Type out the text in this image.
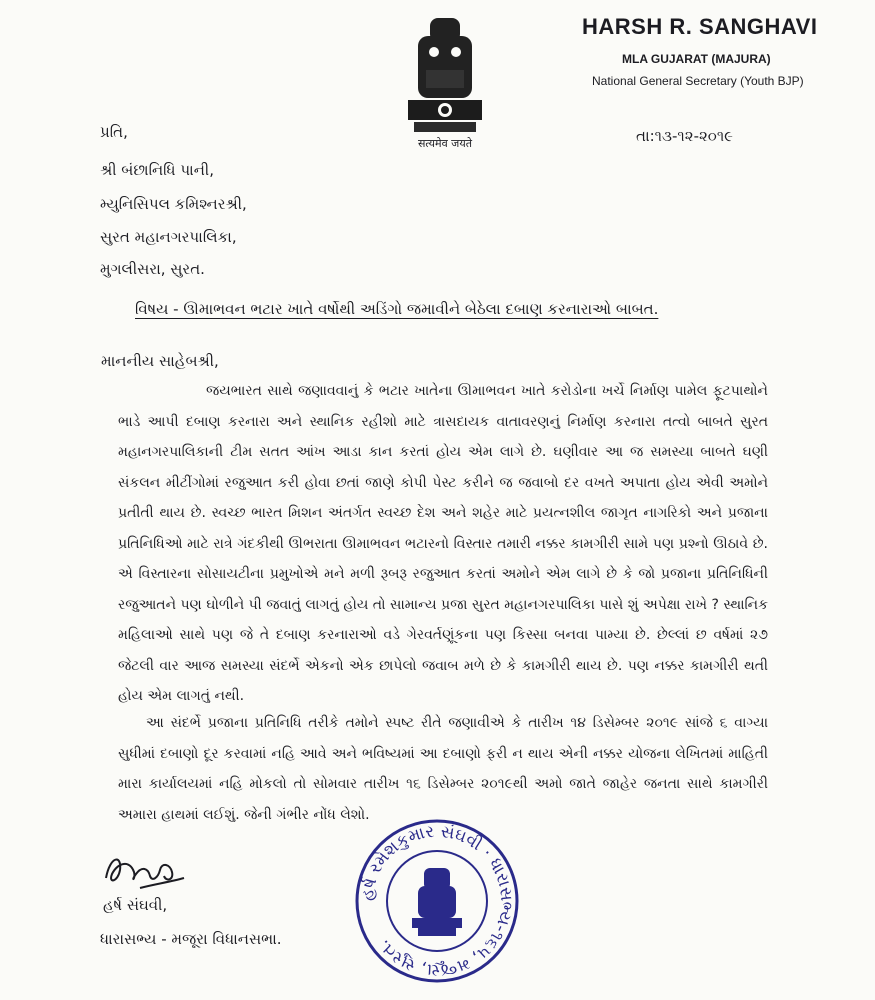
सत्यमेव जयते
HARSH R. SANGHAVI
MLA GUJARAT (MAJURA)
National General Secretary (Youth BJP)
તા:૧૩-૧૨-૨૦૧૯
પ્રતિ,
શ્રી બંછાનિધિ પાની,
મ્યુનિસિપલ કમિશ્નરશ્રી,
સુરત મહાનગરપાલિકા,
મુગલીસરા, સુરત.
વિષય - ઊમાભવન ભટાર ખાતે વર્ષોથી અડિંગો જમાવીને બેઠેલા દબાણ કરનારાઓ બાબત.
માનનીય સાહેબશ્રી,
જયભારત સાથે જણાવવાનું કે ભટાર ખાતેના ઊમાભવન ખાતે કરોડોના ખર્ચે નિર્માણ પામેલ ફૂટપાથોને ભાડે આપી દબાણ કરનારા અને સ્થાનિક રહીશો માટે ત્રાસદાયક વાતાવરણનું નિર્માણ કરનારા તત્વો બાબતે સુરત મહાનગરપાલિકાની ટીમ સતત આંખ આડા કાન કરતાં હોય એમ લાગે છે. ઘણીવાર આ જ સમસ્યા બાબતે ઘણી સંકલન મીટીંગોમાં રજુઆત કરી હોવા છતાં જાણે કોપી પેસ્ટ કરીને જ જવાબો દર વખતે અપાતા હોય એવી અમોને પ્રતીતી થાય છે. સ્વચ્છ ભારત મિશન અંતર્ગત સ્વચ્છ દેશ અને શહેર માટે પ્રયત્નશીલ જાગૃત નાગરિકો અને પ્રજાના પ્રતિનિધિઓ માટે રાત્રે ગંદકીથી ઊભરાતા ઊમાભવન ભટારનો વિસ્તાર તમારી નક્કર કામગીરી સામે પણ પ્રશ્નો ઊઠાવે છે. એ વિસ્તારના સોસાયટીના પ્રમુખોએ મને મળી રૂબરૂ રજુઆત કરતાં અમોને એમ લાગે છે કે જો પ્રજાના પ્રતિનિધિની રજુઆતને પણ ઘોળીને પી જવાતું લાગતું હોય તો સામાન્ય પ્રજા સુરત મહાનગરપાલિકા પાસે શું અપેક્ષા રાખે ? સ્થાનિક મહિલાઓ સાથે પણ જે તે દબાણ કરનારાઓ વડે ગેરવર્તણૂંકના પણ કિસ્સા બનવા પામ્યા છે. છેલ્લાં છ વર્ષમાં ૨૭ જેટલી વાર આજ સમસ્યા સંદર્ભે એકનો એક છાપેલો જવાબ મળે છે કે કામગીરી થાય છે. પણ નક્કર કામગીરી થતી હોય એમ લાગતું નથી.
આ સંદર્ભે પ્રજાના પ્રતિનિધિ તરીકે તમોને સ્પષ્ટ રીતે જણાવીએ કે તારીખ ૧૪ ડિસેમ્બર ૨૦૧૯ સાંજે ૬ વાગ્યા સુધીમાં દબાણો દૂર કરવામાં નહિ આવે અને ભવિષ્યમાં આ દબાણો ફરી ન થાય એની નક્કર યોજના લેખિતમાં માહિતી મારા કાર્યાલયમાં નહિ મોકલો તો સોમવાર તારીખ ૧૬ ડિસેમ્બર ૨૦૧૯થી અમો જાતે જાહેર જનતા સાથે કામગીરી અમારા હાથમાં લઈશું. જેની ગંભીર નોંધ લેશો.
હર્ષ સંઘવી,
ધારાસભ્ય - મજૂરા વિધાનસભા.
હર્ષ રમેશકુમાર સંઘવી · ધારાસભ્ય-૧૬૫, મજૂરા, સુરત.
